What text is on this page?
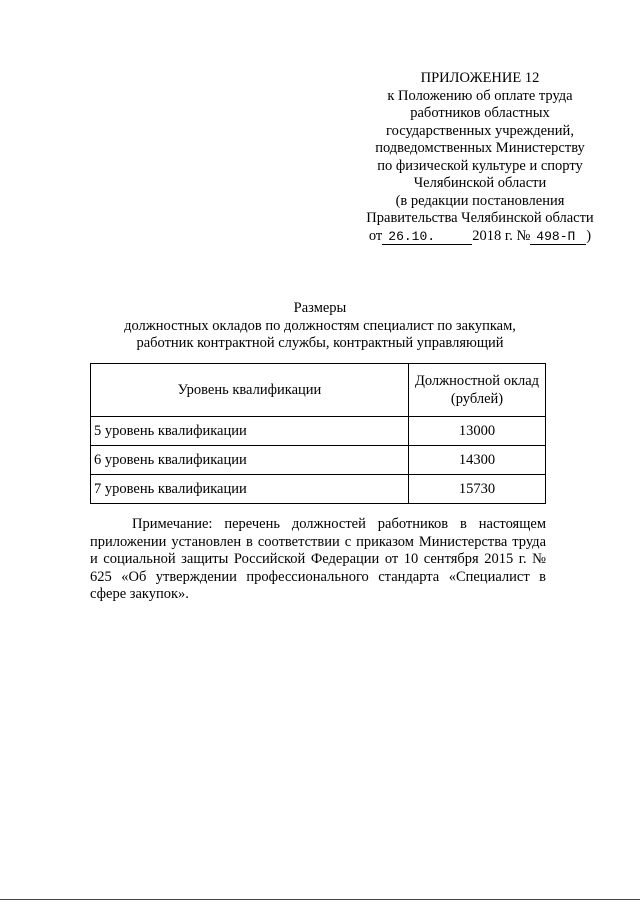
ПРИЛОЖЕНИЕ 12
к Положению об оплате труда
работников областных
государственных учреждений,
подведомственных Министерству
по физической культуре и спорту
Челябинской области
(в редакции постановления
Правительства Челябинской области
от 26.10.	2018 г. № 498-П )
Размеры
должностных окладов по должностям специалист по закупкам,
работник контрактной службы, контрактный управляющий
Уровень квалификации	Должностной оклад
(рублей)
5 уровень квалификации	13000
6 уровень квалификации	14300
7 уровень квалификации	15730
Примечание: перечень должностей работников в настоящем приложении установлен в соответствии с приказом Министерства труда и социальной защиты Российской Федерации от 10 сентября 2015 г. № 625 «Об утверждении профессионального стандарта «Специалист в сфере закупок».
